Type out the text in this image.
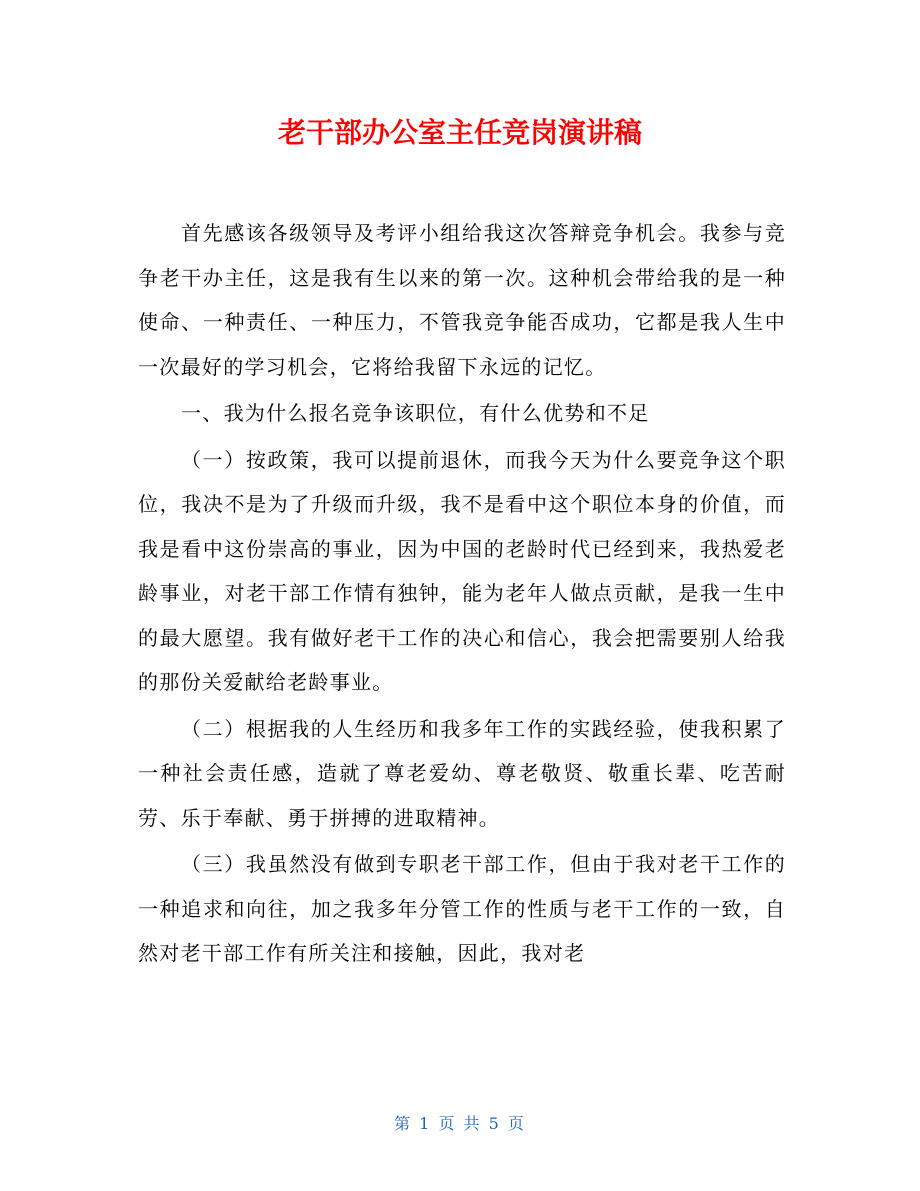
老干部办公室主任竞岗演讲稿

首先感该各级领导及考评小组给我这次答辩竞争机会。我参与竞争老干办主任，这是我有生以来的第一次。这种机会带给我的是一种使命、一种责任、一种压力，不管我竞争能否成功，它都是我人生中一次最好的学习机会，它将给我留下永远的记忆。

一、我为什么报名竞争该职位，有什么优势和不足

（一）按政策，我可以提前退休，而我今天为什么要竞争这个职位，我决不是为了升级而升级，我不是看中这个职位本身的价值，而我是看中这份崇高的事业，因为中国的老龄时代已经到来，我热爱老龄事业，对老干部工作情有独钟，能为老年人做点贡献，是我一生中的最大愿望。我有做好老干工作的决心和信心，我会把需要别人给我的那份关爱献给老龄事业。

（二）根据我的人生经历和我多年工作的实践经验，使我积累了一种社会责任感，造就了尊老爱幼、尊老敬贤、敬重长辈、吃苦耐劳、乐于奉献、勇于拼搏的进取精神。

（三）我虽然没有做到专职老干部工作，但由于我对老干工作的一种追求和向往，加之我多年分管工作的性质与老干工作的一致，自然对老干部工作有所关注和接触，因此，我对老

第 1 页 共 5 页
